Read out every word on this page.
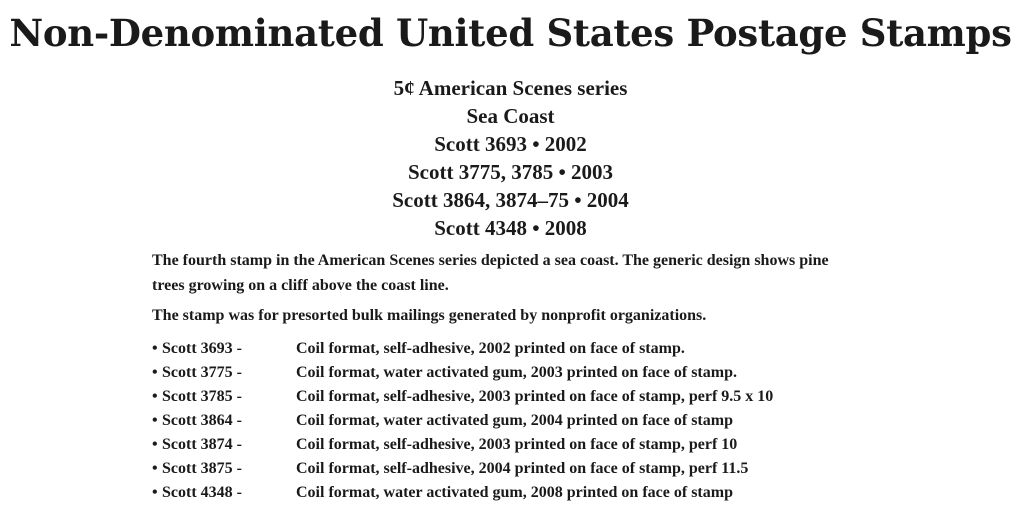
Non-Denominated United States Postage Stamps
5¢ American Scenes series
Sea Coast
Scott 3693 • 2002
Scott 3775, 3785 • 2003
Scott 3864, 3874–75 • 2004
Scott 4348 • 2008

The fourth stamp in the American Scenes series depicted a sea coast. The generic design shows pine trees growing on a cliff above the coast line.

The stamp was for presorted bulk mailings generated by nonprofit organizations.

• Scott 3693 -	Coil format, self-adhesive, 2002 printed on face of stamp.
• Scott 3775 -	Coil format, water activated gum, 2003 printed on face of stamp.
• Scott 3785 -	Coil format, self-adhesive, 2003 printed on face of stamp, perf 9.5 x 10
• Scott 3864 -	Coil format, water activated gum, 2004 printed on face of stamp
• Scott 3874 -	Coil format, self-adhesive, 2003 printed on face of stamp, perf 10
• Scott 3875 -	Coil format, self-adhesive, 2004 printed on face of stamp, perf 11.5
• Scott 4348 -	Coil format, water activated gum, 2008 printed on face of stamp
